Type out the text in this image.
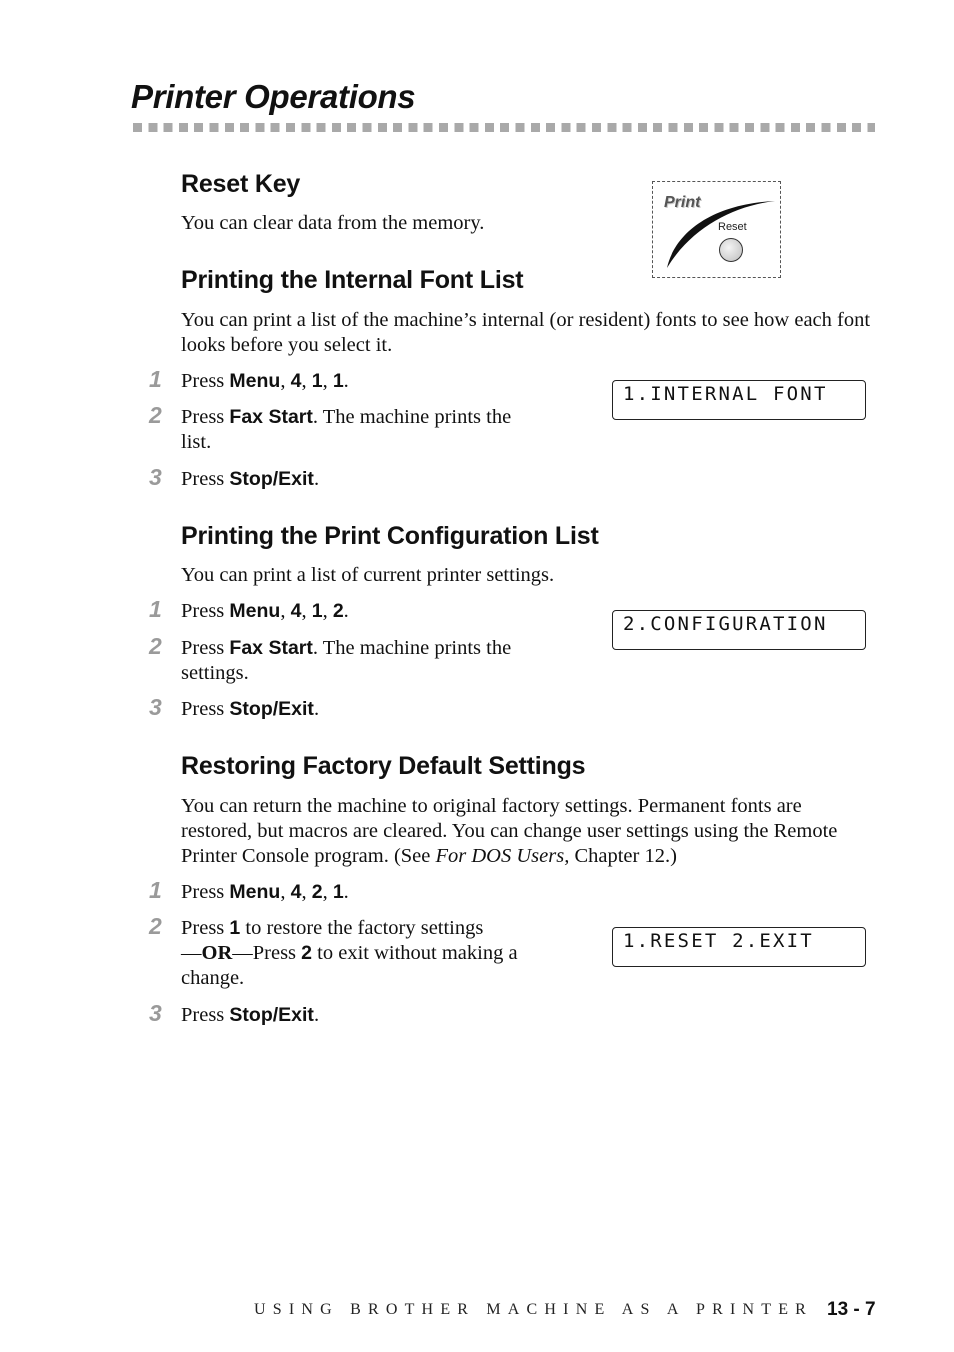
Printer Operations
Reset Key

You can clear data from the memory.

Print
Reset
Printing the Internal Font List

You can print a list of the machine’s internal (or resident) fonts to see how each font looks before you select it.

1.INTERNAL FONT
1 Press Menu, 4, 1, 1.
2 Press Fax Start. The machine prints the
list.
3 Press Stop/Exit.
Printing the Print Configuration List

You can print a list of current printer settings.

2.CONFIGURATION
1 Press Menu, 4, 1, 2.
2 Press Fax Start. The machine prints the
settings.
3 Press Stop/Exit.
Restoring Factory Default Settings
You can return the machine to original factory settings. Permanent fonts are
restored, but macros are cleared. You can change user settings using the Remote
Printer Console program. (See For DOS Users, Chapter 12.)
1.RESET 2.EXIT
1 Press Menu, 4, 2, 1.
2 Press 1 to restore the factory settings
—OR—Press 2 to exit without making a
change.
3 Press Stop/Exit.
USING BROTHER MACHINE AS A PRINTER 13 - 7
